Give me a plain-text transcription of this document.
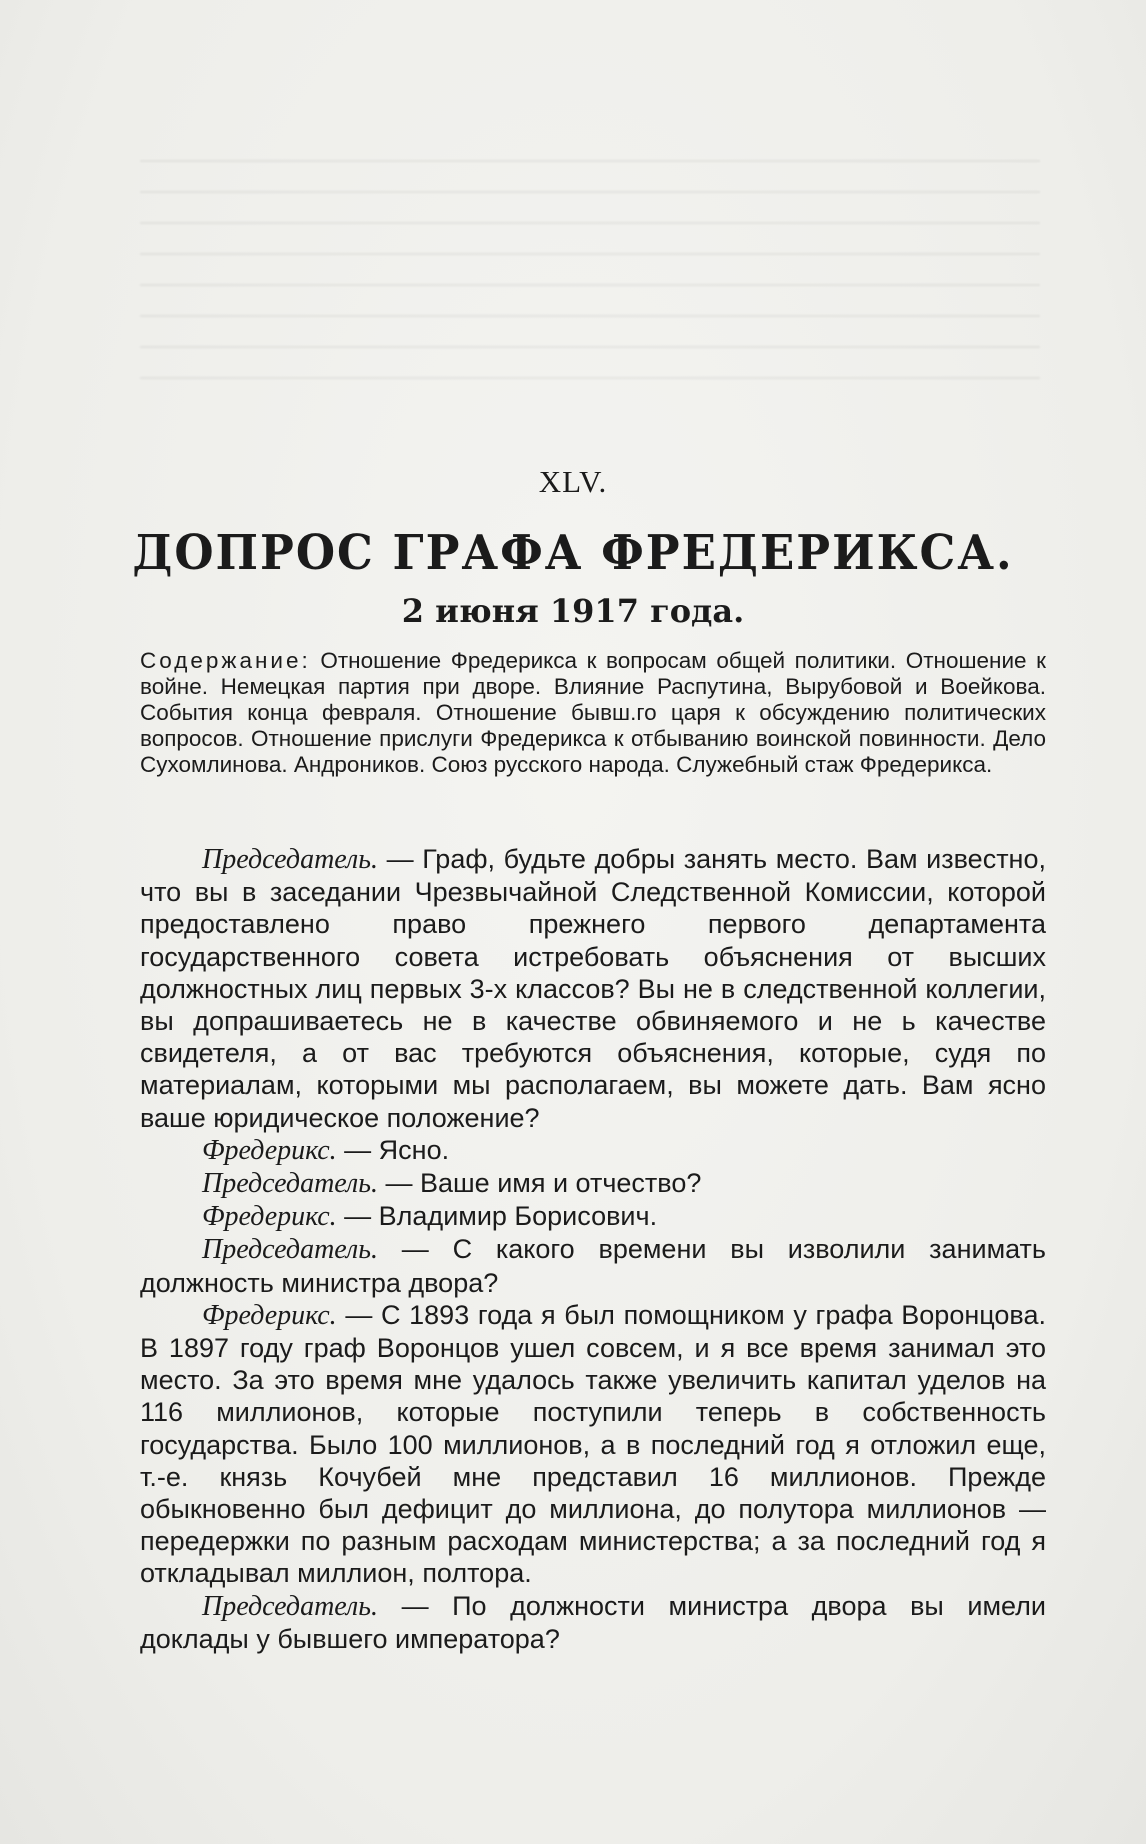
XLV.
ДОПРОС ГРАФА ФРЕДЕРИКСА.
2 июня 1917 года.
Содержание: Отношение Фредерикса к вопросам общей политики. Отношение к войне. Немецкая партия при дворе. Влияние Распутина, Вырубовой и Воейкова. События конца февраля. Отношение бывш.го царя к обсуждению политических вопросов. Отношение прислуги Фредерикса к отбыванию воинской повинности. Дело Сухомлинова. Андроников. Союз русского народа. Служебный стаж Фредерикса.

Председатель. — Граф, будьте добры занять место. Вам известно, что вы в заседании Чрезвычайной Следственной Комиссии, которой предоставлено право прежнего первого департамента государственного совета истребовать объяснения от высших должностных лиц первых 3-х классов? Вы не в следственной коллегии, вы допрашиваетесь не в качестве обвиняемого и не ь качестве свидетеля, а от вас требуются объяснения, которые, судя по материалам, которыми мы располагаем, вы можете дать. Вам ясно ваше юридическое положение?

Фредерикс. — Ясно.

Председатель. — Ваше имя и отчество?

Фредерикс. — Владимир Борисович.

Председатель. — С какого времени вы изволили занимать должность министра двора?

Фредерикс. — С 1893 года я был помощником у графа Воронцова. В 1897 году граф Воронцов ушел совсем, и я все время занимал это место. За это время мне удалось также увеличить капитал уделов на 116 миллионов, которые поступили теперь в собственность государства. Было 100 миллионов, а в последний год я отложил еще, т.-е. князь Кочубей мне представил 16 миллионов. Прежде обыкновенно был дефицит до миллиона, до полутора миллионов — передержки по разным расходам министерства; а за последний год я откладывал миллион, полтора.

Председатель. — По должности министра двора вы имели доклады у бывшего императора?
